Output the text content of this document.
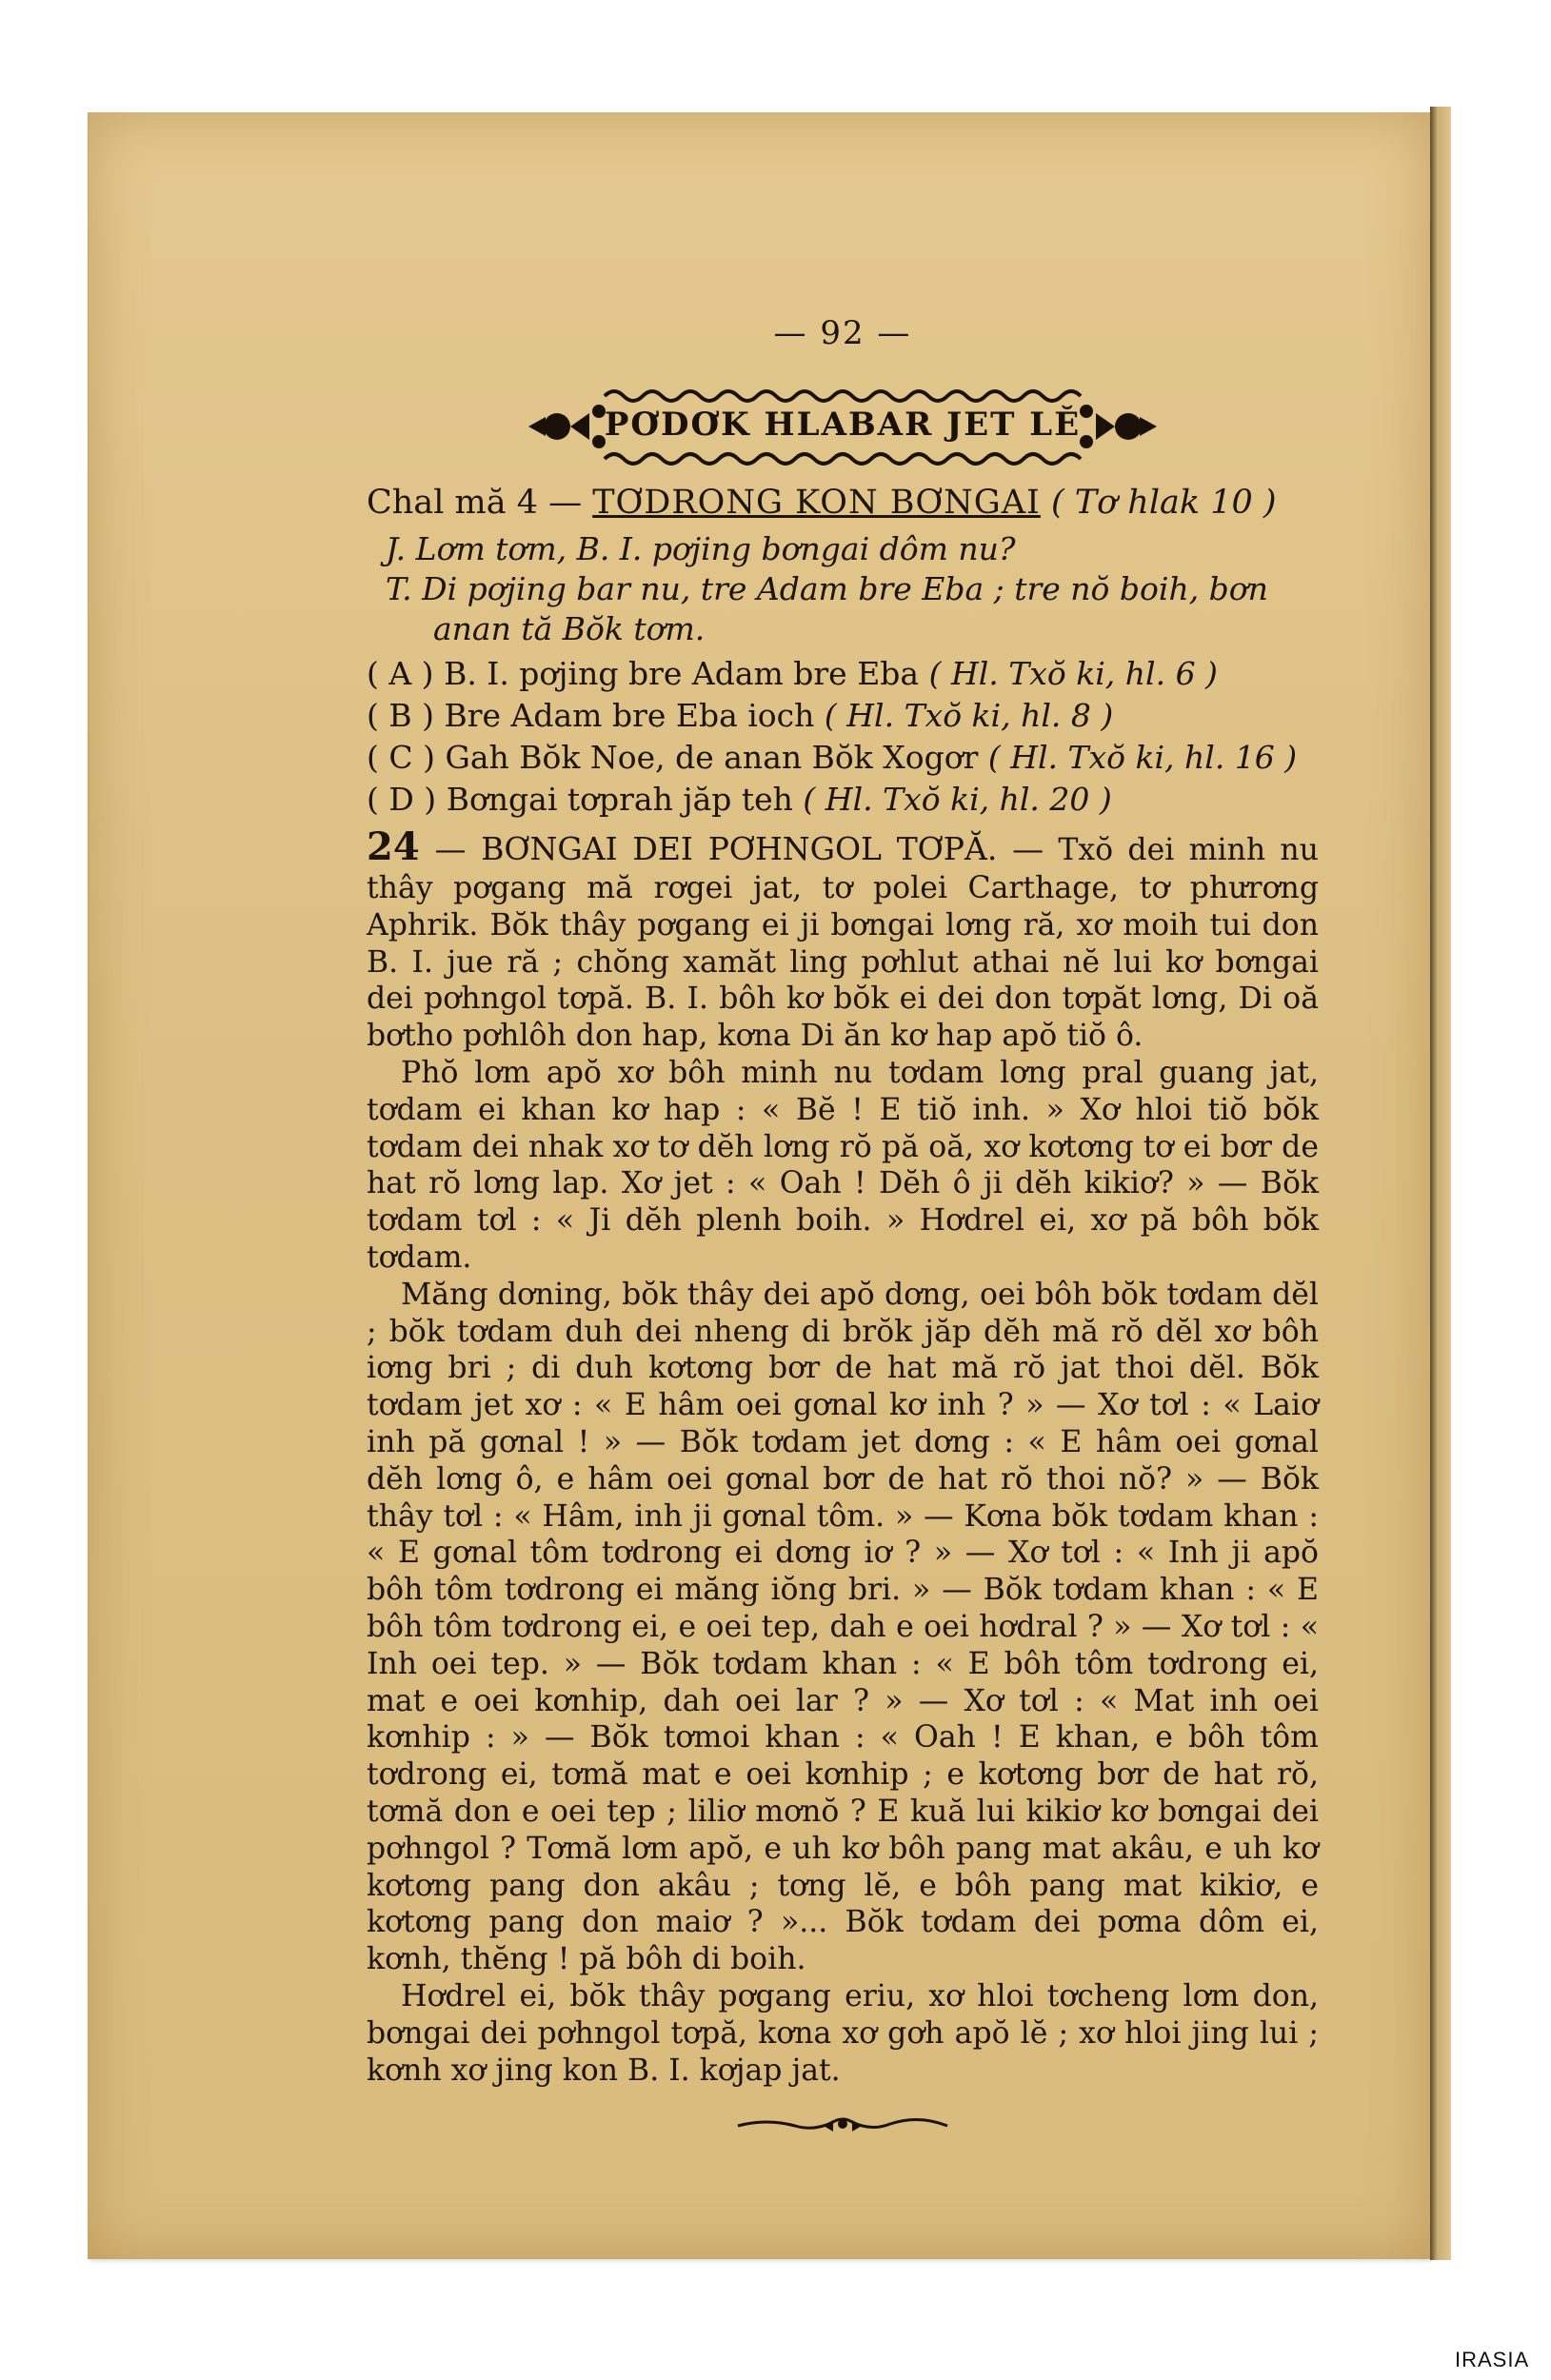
— 92 —
PƠDƠK HLABAR JET LĔ
Chal mă 4 — TƠDRONG KON BƠNGAI ( Tơ hlak 10 )
J. Lơm tơm, B. I. pơjing bơngai dôm nu?
T. Di pơjing bar nu, tre Adam bre Eba ; tre nŏ boih, bơn
anan tă Bŏk tơm.
( A ) B. I. pơjing bre Adam bre Eba ( Hl. Txŏ ki, hl. 6 )
( B ) Bre Adam bre Eba ioch ( Hl. Txŏ ki, hl. 8 )
( C ) Gah Bŏk Noe, de anan Bŏk Xogơr ( Hl. Txŏ ki, hl. 16 )
( D ) Bơngai tơprah jăp teh ( Hl. Txŏ ki, hl. 20 )

24 — BƠNGAI DEI PƠHNGOL TƠPĂ. — Txŏ dei minh nu thây pơgang mă rơgei jat, tơ polei Carthage, tơ phưrơng Aphrik. Bŏk thây pơgang ei ji bơngai lơng ră, xơ moih tui don B. I. jue ră ; chŏng xamăt ling pơhlut athai nĕ lui kơ bơngai dei pơhngol tơpă. B. I. bôh kơ bŏk ei dei don tơpăt lơng, Di oă bơtho pơhlôh don hap, kơna Di ăn kơ hap apŏ tiŏ ô.

Phŏ lơm apŏ xơ bôh minh nu tơdam lơng pral guang jat, tơdam ei khan kơ hap : « Bĕ ! E tiŏ inh. » Xơ hloi tiŏ bŏk tơdam dei nhak xơ tơ dĕh lơng rŏ pă oă, xơ kơtơng tơ ei bơr de hat rŏ lơng lap. Xơ jet : « Oah ! Dĕh ô ji dĕh kikiơ? » — Bŏk tơdam tơl : « Ji dĕh plenh boih. » Hơdrel ei, xơ pă bôh bŏk tơdam.

Măng dơning, bŏk thây dei apŏ dơng, oei bôh bŏk tơdam dĕl ; bŏk tơdam duh dei nheng di brŏk jăp dĕh mă rŏ dĕl xơ bôh iơng bri ; di duh kơtơng bơr de hat mă rŏ jat thoi dĕl. Bŏk tơdam jet xơ : « E hâm oei gơnal kơ inh ? » — Xơ tơl : « Laiơ inh pă gơnal ! » — Bŏk tơdam jet dơng : « E hâm oei gơnal dĕh lơng ô, e hâm oei gơnal bơr de hat rŏ thoi nŏ? » — Bŏk thây tơl : « Hâm, inh ji gơnal tôm. » — Kơna bŏk tơdam khan : « E gơnal tôm tơdrong ei dơng iơ ? » — Xơ tơl : « Inh ji apŏ bôh tôm tơdrong ei măng iŏng bri. » — Bŏk tơdam khan : « E bôh tôm tơdrong ei, e oei tep, dah e oei hơdral ? » — Xơ tơl : « Inh oei tep. » — Bŏk tơdam khan : « E bôh tôm tơdrong ei, mat e oei kơnhip, dah oei lar ? » — Xơ tơl : « Mat inh oei kơnhip : » — Bŏk tơmoi khan : « Oah ! E khan, e bôh tôm tơdrong ei, tơmă mat e oei kơnhip ; e kơtơng bơr de hat rŏ, tơmă don e oei tep ; liliơ mơnŏ ? E kuă lui kikiơ kơ bơngai dei pơhngol ? Tơmă lơm apŏ, e uh kơ bôh pang mat akâu, e uh kơ kơtơng pang don akâu ; tơng lĕ, e bôh pang mat kikiơ, e kơtơng pang don maiơ ? »... Bŏk tơdam dei pơma dôm ei, kơnh, thĕng ! pă bôh di boih.

Hơdrel ei, bŏk thây pơgang eriu, xơ hloi tơcheng lơm don, bơngai dei pơhngol tơpă, kơna xơ gơh apŏ lĕ ; xơ hloi jing lui ; kơnh xơ jing kon B. I. kơjap jat.

IRASIA
